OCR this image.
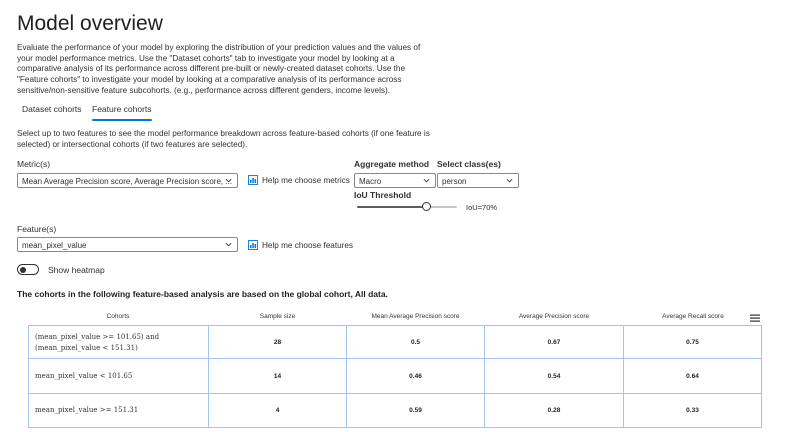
Model overview
Evaluate the performance of your model by exploring the distribution of your prediction values and the values of your model performance metrics. Use the "Dataset cohorts" tab to investigate your model by looking at a comparative analysis of its performance across different pre-built or newly-created dataset cohorts. Use the "Feature cohorts" to investigate your model by looking at a comparative analysis of its performance across sensitive/non-sensitive feature subcohorts. (e.g., performance across different genders, income levels).
Dataset cohorts Feature cohorts
Select up to two features to see the model performance breakdown across feature-based cohorts (if one feature is selected) or intersectional cohorts (if two features are selected).
Metric(s)
Mean Average Precision score, Average Precision score, ...	Help me choose metrics
Aggregate method
Macro
Select class(es)
person
IoU Threshold
IoU=70%
Feature(s)
mean_pixel_value	Help me choose features
Show heatmap
The cohorts in the following feature-based analysis are based on the global cohort, All data.
Cohorts	Sample size	Mean Average Precision score	Average Precision score	Average Recall score
(mean_pixel_value >= 101.65) and
(mean_pixel_value < 151.31)
28	0.5	0.67	0.75
mean_pixel_value < 101.65	14	0.46	0.54	0.64
mean_pixel_value >= 151.31	4	0.59	0.28	0.33
